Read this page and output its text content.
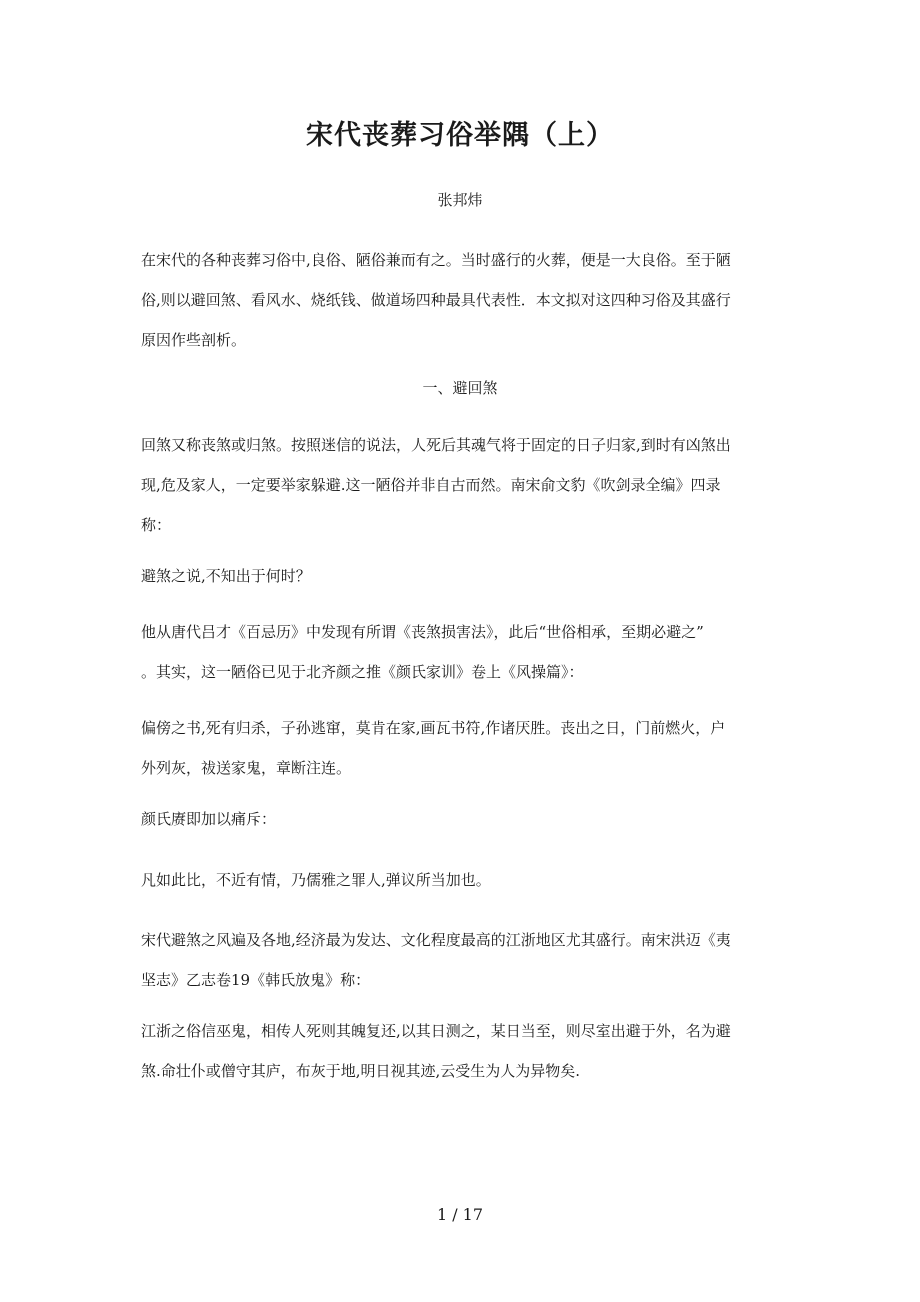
宋代丧葬习俗举隅（上）
张邦炜

在宋代的各种丧葬习俗中,良俗、陋俗兼而有之。当时盛行的火葬，便是一大良俗。至于陋
俗,则以避回煞、看风水、烧纸钱、做道场四种最具代表性．本文拟对这四种习俗及其盛行
原因作些剖析。

一、避回煞

回煞又称丧煞或归煞。按照迷信的说法，人死后其魂气将于固定的日子归家,到时有凶煞出
现,危及家人，一定要举家躲避.这一陋俗并非自古而然。南宋俞文豹《吹剑录全编》四录
称：

避煞之说,不知出于何时？

他从唐代吕才《百忌历》中发现有所谓《丧煞损害法》，此后“世俗相承，至期必避之”
。其实，这一陋俗已见于北齐颜之推《颜氏家训》卷上《风操篇》：

偏傍之书,死有归杀，子孙逃窜，莫肯在家,画瓦书符,作诸厌胜。丧出之日，门前燃火，户
外列灰，祓送家鬼，章断注连。

颜氏赓即加以痛斥：

凡如此比，不近有情，乃儒雅之罪人,弹议所当加也。

宋代避煞之风遍及各地,经济最为发达、文化程度最高的江浙地区尤其盛行。南宋洪迈《夷
坚志》乙志卷19《韩氏放鬼》称：

江浙之俗信巫鬼，相传人死则其魄复还,以其日测之，某日当至，则尽室出避于外，名为避
煞.命壮仆或僧守其庐，布灰于地,明日视其迹,云受生为人为异物矣.

1 / 17
